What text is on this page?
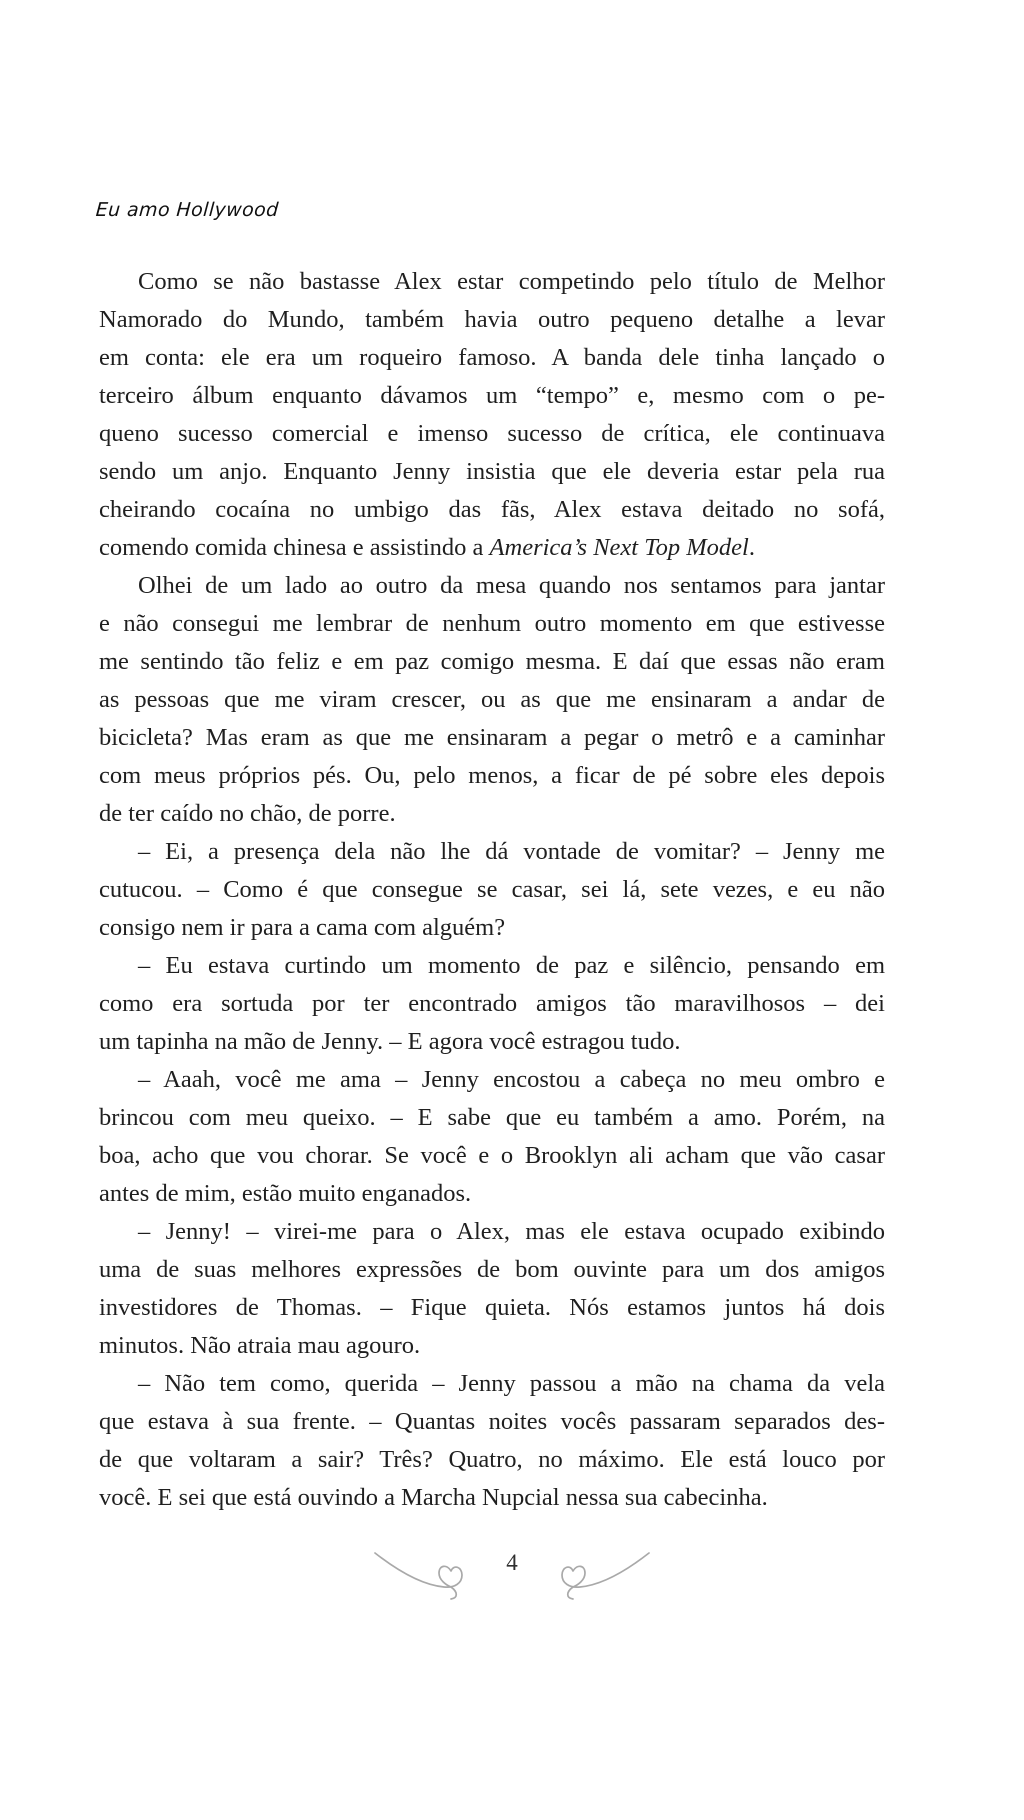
Eu amo Hollywood
Como se não bastasse Alex estar competindo pelo título de Melhor
Namorado do Mundo, também havia outro pequeno detalhe a levar
em conta: ele era um roqueiro famoso. A banda dele tinha lançado o
terceiro álbum enquanto dávamos um “tempo” e, mesmo com o pe-
queno sucesso comercial e imenso sucesso de crítica, ele continuava
sendo um anjo. Enquanto Jenny insistia que ele deveria estar pela rua
cheirando cocaína no umbigo das fãs, Alex estava deitado no sofá,
comendo comida chinesa e assistindo a America’s Next Top Model.
Olhei de um lado ao outro da mesa quando nos sentamos para jantar
e não consegui me lembrar de nenhum outro momento em que estivesse
me sentindo tão feliz e em paz comigo mesma. E daí que essas não eram
as pessoas que me viram crescer, ou as que me ensinaram a andar de
bicicleta? Mas eram as que me ensinaram a pegar o metrô e a caminhar
com meus próprios pés. Ou, pelo menos, a ficar de pé sobre eles depois
de ter caído no chão, de porre.
– Ei, a presença dela não lhe dá vontade de vomitar? – Jenny me
cutucou. – Como é que consegue se casar, sei lá, sete vezes, e eu não
consigo nem ir para a cama com alguém?
– Eu estava curtindo um momento de paz e silêncio, pensando em
como era sortuda por ter encontrado amigos tão maravilhosos – dei
um tapinha na mão de Jenny. – E agora você estragou tudo.
– Aaah, você me ama – Jenny encostou a cabeça no meu ombro e
brincou com meu queixo. – E sabe que eu também a amo. Porém, na
boa, acho que vou chorar. Se você e o Brooklyn ali acham que vão casar
antes de mim, estão muito enganados.
– Jenny! – virei-me para o Alex, mas ele estava ocupado exibindo
uma de suas melhores expressões de bom ouvinte para um dos amigos
investidores de Thomas. – Fique quieta. Nós estamos juntos há dois
minutos. Não atraia mau agouro.
– Não tem como, querida – Jenny passou a mão na chama da vela
que estava à sua frente. – Quantas noites vocês passaram separados des-
de que voltaram a sair? Três? Quatro, no máximo. Ele está louco por
você. E sei que está ouvindo a Marcha Nupcial nessa sua cabecinha.
4
